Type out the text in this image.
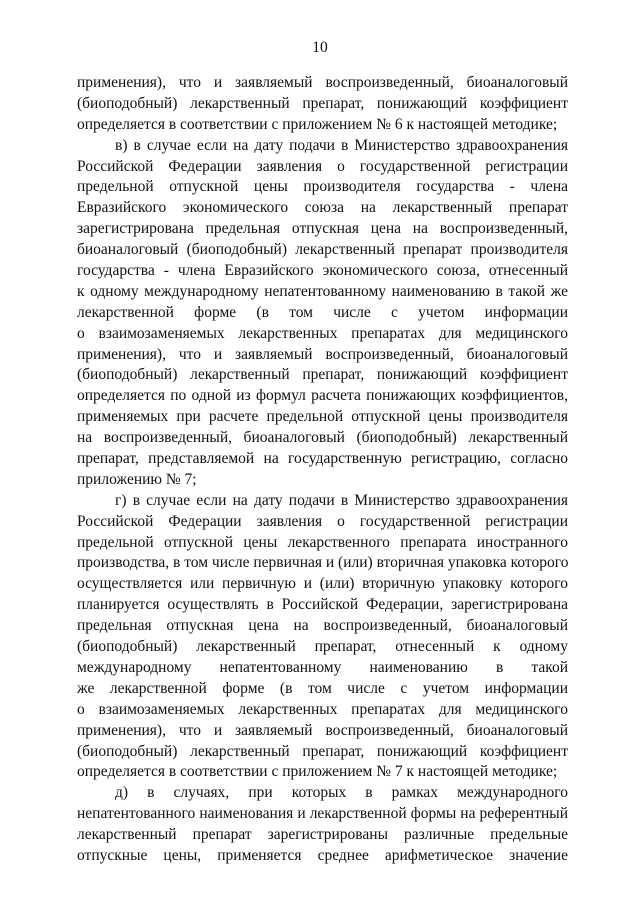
10
применения), что и заявляемый воспроизведенный, биоаналоговый
(биоподобный) лекарственный препарат, понижающий коэффициент
определяется в соответствии с приложением № 6 к настоящей методике;
в) в случае если на дату подачи в Министерство здравоохранения
Российской Федерации заявления о государственной регистрации
предельной отпускной цены производителя государства - члена
Евразийского экономического союза на лекарственный препарат
зарегистрирована предельная отпускная цена на воспроизведенный,
биоаналоговый (биоподобный) лекарственный препарат производителя
государства - члена Евразийского экономического союза, отнесенный
к одному международному непатентованному наименованию в такой же
лекарственной форме (в том числе с учетом информации
о взаимозаменяемых лекарственных препаратах для медицинского
применения), что и заявляемый воспроизведенный, биоаналоговый
(биоподобный) лекарственный препарат, понижающий коэффициент
определяется по одной из формул расчета понижающих коэффициентов,
применяемых при расчете предельной отпускной цены производителя
на воспроизведенный, биоаналоговый (биоподобный) лекарственный
препарат, представляемой на государственную регистрацию, согласно
приложению № 7;
г) в случае если на дату подачи в Министерство здравоохранения
Российской Федерации заявления о государственной регистрации
предельной отпускной цены лекарственного препарата иностранного
производства, в том числе первичная и (или) вторичная упаковка которого
осуществляется или первичную и (или) вторичную упаковку которого
планируется осуществлять в Российской Федерации, зарегистрирована
предельная отпускная цена на воспроизведенный, биоаналоговый
(биоподобный) лекарственный препарат, отнесенный к одному
международному непатентованному наименованию в такой
же лекарственной форме (в том числе с учетом информации
о взаимозаменяемых лекарственных препаратах для медицинского
применения), что и заявляемый воспроизведенный, биоаналоговый
(биоподобный) лекарственный препарат, понижающий коэффициент
определяется в соответствии с приложением № 7 к настоящей методике;
д) в случаях, при которых в рамках международного
непатентованного наименования и лекарственной формы на референтный
лекарственный препарат зарегистрированы различные предельные
отпускные цены, применяется среднее арифметическое значение
